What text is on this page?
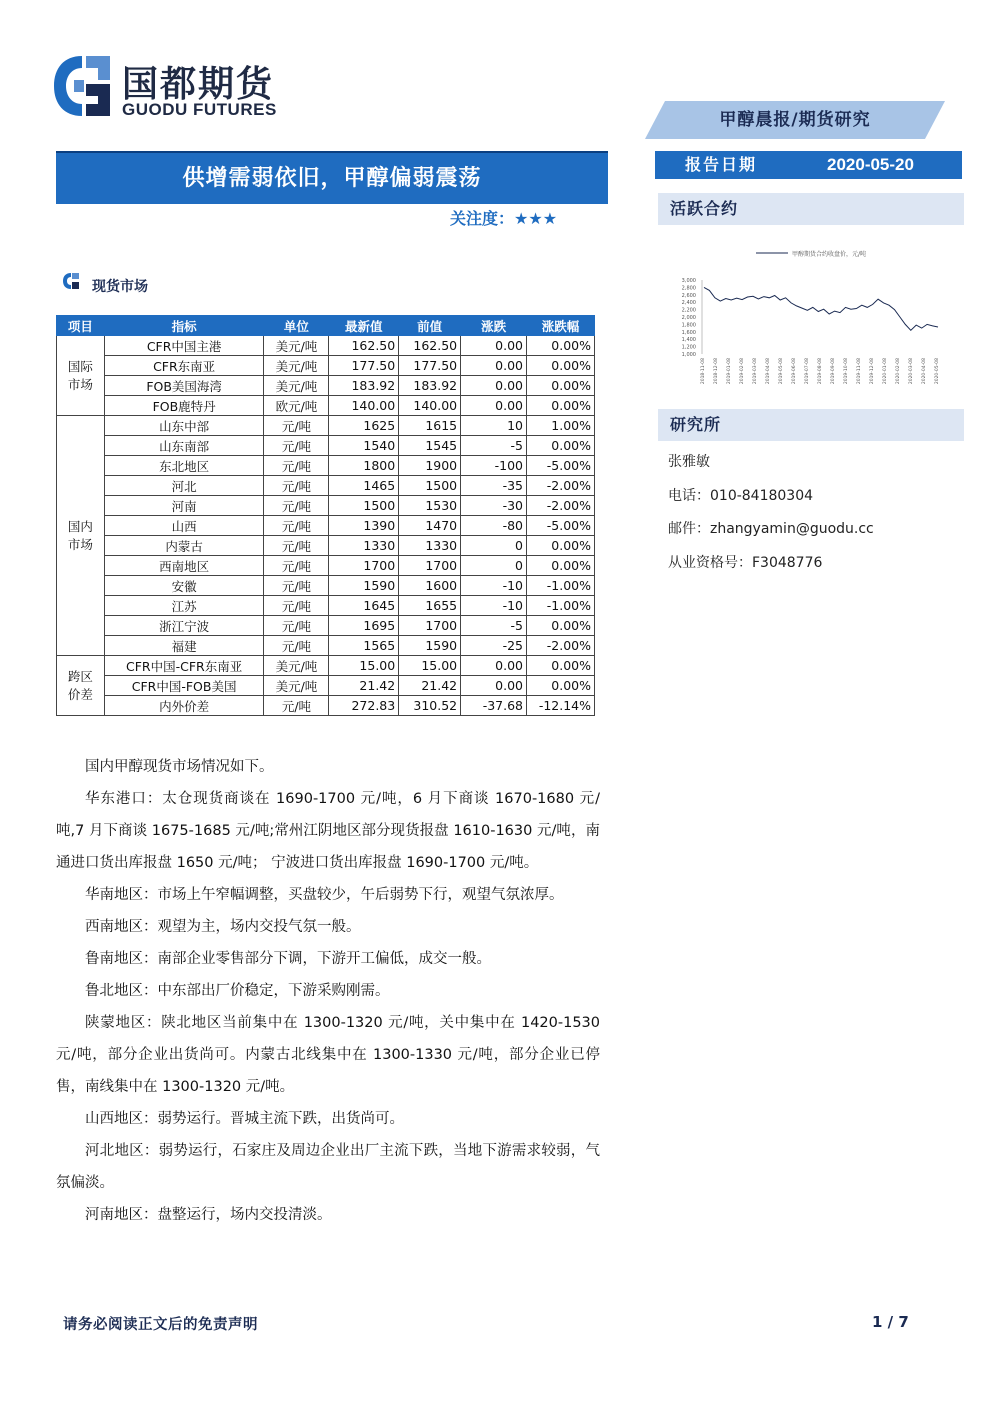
国都期货
GUODU FUTURES
甲醇晨报/期货研究
报告日期	2020-05-20
活跃合约
甲醇期货合约收盘价，元/吨
3,000
2,800
2,600
2,400
2,200
2,000
1,800
1,600
1,400
1,200
1,000
2018-11-08 2018-12-08 2019-01-08 2019-02-08 2019-03-08 2019-04-08 2019-05-08 2019-06-08 2019-07-08 2019-08-08 2019-09-08 2019-10-08 2019-11-08 2019-12-08 2020-01-08 2020-02-08 2020-03-08 2020-04-08 2020-05-08
研究所
张雅敏
电话：010-84180304
邮件：zhangyamin@guodu.cc
从业资格号：F3048776
供增需弱依旧，甲醇偏弱震荡
关注度：★★★
现货市场
项目	指标	单位	最新值	前值	涨跌	涨跌幅
国际
市场	CFR中国主港	美元/吨	162.50	162.50	0.00	0.00%
	CFR东南亚	美元/吨	177.50	177.50	0.00	0.00%
	FOB美国海湾	美元/吨	183.92	183.92	0.00	0.00%
	FOB鹿特丹	欧元/吨	140.00	140.00	0.00	0.00%
国内
市场	山东中部	元/吨	1625	1615	10	1.00%
	山东南部	元/吨	1540	1545	-5	0.00%
	东北地区	元/吨	1800	1900	-100	-5.00%
	河北	元/吨	1465	1500	-35	-2.00%
	河南	元/吨	1500	1530	-30	-2.00%
	山西	元/吨	1390	1470	-80	-5.00%
	内蒙古	元/吨	1330	1330	0	0.00%
	西南地区	元/吨	1700	1700	0	0.00%
	安徽	元/吨	1590	1600	-10	-1.00%
	江苏	元/吨	1645	1655	-10	-1.00%
	浙江宁波	元/吨	1695	1700	-5	0.00%
	福建	元/吨	1565	1590	-25	-2.00%
跨区
价差	CFR中国-CFR东南亚	美元/吨	15.00	15.00	0.00	0.00%
	CFR中国-FOB美国	美元/吨	21.42	21.42	0.00	0.00%
	内外价差	元/吨	272.83	310.52	-37.68	-12.14%

国内甲醇现货市场情况如下。

华东港口：太仓现货商谈在 1690-1700 元/吨，6 月下商谈 1670-1680 元/吨,7 月下商谈 1675-1685 元/吨;常州江阴地区部分现货报盘 1610-1630 元/吨，南通进口货出库报盘 1650 元/吨； 宁波进口货出库报盘 1690-1700 元/吨。

华南地区：市场上午窄幅调整，买盘较少，午后弱势下行，观望气氛浓厚。

西南地区：观望为主，场内交投气氛一般。

鲁南地区：南部企业零售部分下调，下游开工偏低，成交一般。

鲁北地区：中东部出厂价稳定，下游采购刚需。

陕蒙地区：陕北地区当前集中在 1300-1320 元/吨，关中集中在 1420-1530 元/吨，部分企业出货尚可。内蒙古北线集中在 1300-1330 元/吨，部分企业已停售，南线集中在 1300-1320 元/吨。

山西地区：弱势运行。晋城主流下跌，出货尚可。

河北地区：弱势运行，石家庄及周边企业出厂主流下跌，当地下游需求较弱，气氛偏淡。

河南地区：盘整运行，场内交投清淡。

请务必阅读正文后的免责声明	1 / 7
